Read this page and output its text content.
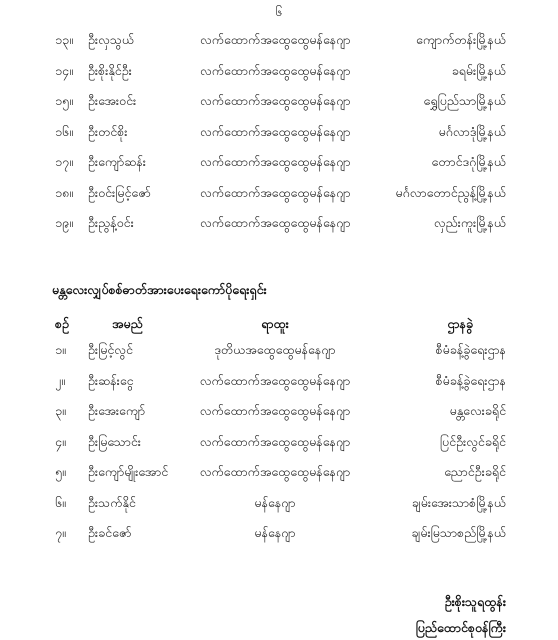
၆
၁၃။ ဦးလှသွယ်	လက်ထောက်အထွေထွေမန်နေဂျာ	ကျောက်တန်းမြို့နယ်
၁၄။ ဦးစိုးနိုင်ဦး	လက်ထောက်အထွေထွေမန်နေဂျာ	ခရမ်းမြို့နယ်
၁၅။ ဦးအေးဝင်း	လက်ထောက်အထွေထွေမန်နေဂျာ	ရွှေပြည်သာမြို့နယ်
၁၆။ ဦးတင်စိုး	လက်ထောက်အထွေထွေမန်နေဂျာ	မင်္ဂလာဒုံမြို့နယ်
၁၇။ ဦးကျော်ဆန်း	လက်ထောက်အထွေထွေမန်နေဂျာ	တောင်ဒဂုံမြို့နယ်
၁၈။ ဦးဝင်းမြင့်ဇော်	လက်ထောက်အထွေထွေမန်နေဂျာ	မင်္ဂလာတောင်ညွန့်မြို့နယ်
၁၉။ ဦးညွန့်ဝင်း	လက်ထောက်အထွေထွေမန်နေဂျာ	လှည်းကူးမြို့နယ်
မန္တလေးလျှပ်စစ်ဓာတ်အားပေးရေးကော်ပိုရေးရှင်း
စဉ်	အမည်	ရာထူး	ဌာနခွဲ
၁။ ဦးမြင့်လွင်	ဒုတိယအထွေထွေမန်နေဂျာ	စီမံခန့်ခွဲရေးဌာန
၂။ ဦးဆန်းငွေ	လက်ထောက်အထွေထွေမန်နေဂျာ	စီမံခန့်ခွဲရေးဌာန
၃။ ဦးအေးကျော်	လက်ထောက်အထွေထွေမန်နေဂျာ	မန္တလေးခရိုင်
၄။ ဦးမြသောင်း	လက်ထောက်အထွေထွေမန်နေဂျာ	ပြင်ဦးလွင်ခရိုင်
၅။ ဦးကျော်မျိုးအောင်	လက်ထောက်အထွေထွေမန်နေဂျာ	ညောင်ဦးခရိုင်
၆။ ဦးသက်နိုင်	မန်နေဂျာ	ချမ်းအေးသာစံမြို့နယ်
၇။ ဦးခင်ဇော်	မန်နေဂျာ	ချမ်းမြသာစည်မြို့နယ်
ဦးစိုးသူရထွန်း
ပြည်ထောင်စုဝန်ကြီး
